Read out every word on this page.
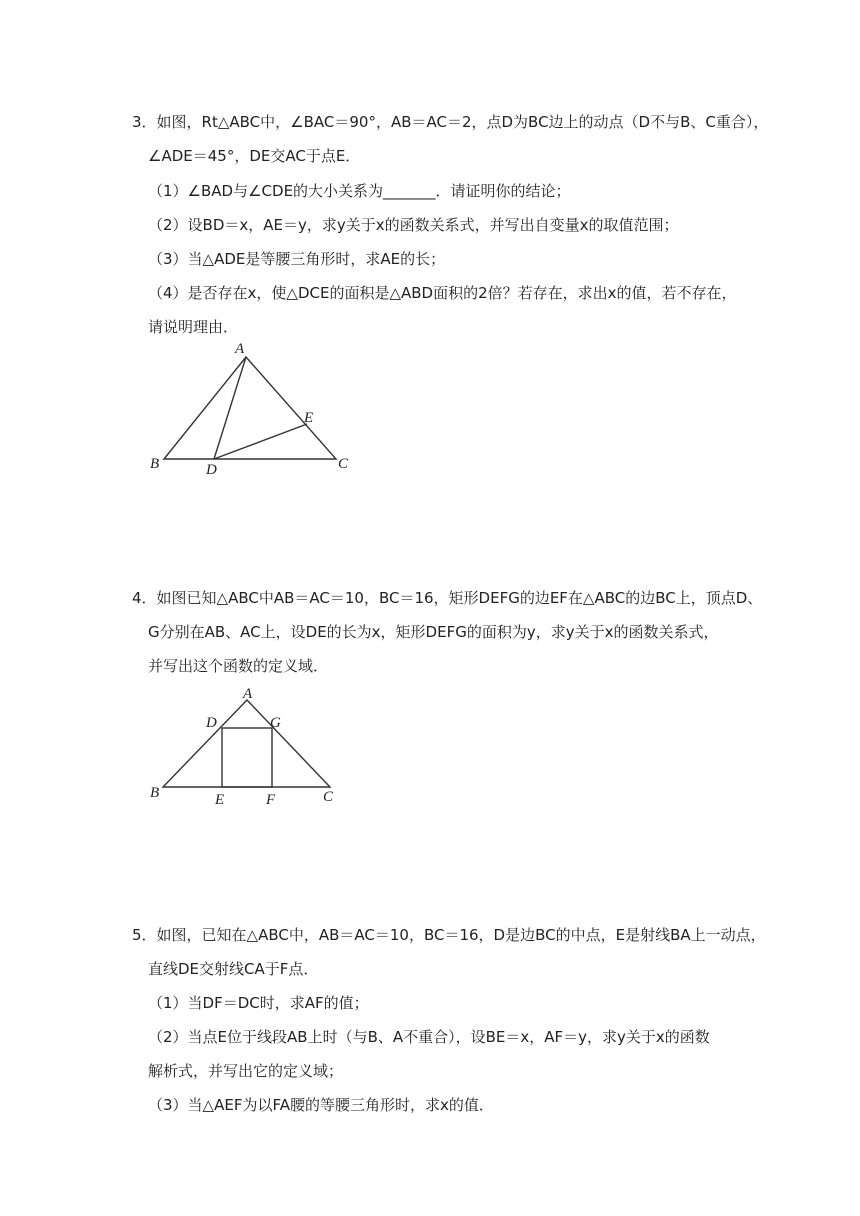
3．如图，Rt△ABC中，∠BAC＝90°，AB＝AC＝2，点D为BC边上的动点（D不与B、C重合），
∠ADE＝45°，DE交AC于点E．
（1）∠BAD与∠CDE的大小关系为_______．请证明你的结论；
（2）设BD＝x，AE＝y，求y关于x的函数关系式，并写出自变量x的取值范围；
（3）当△ADE是等腰三角形时，求AE的长；
（4）是否存在x，使△DCE的面积是△ABD面积的2倍？若存在，求出x的值，若不存在，
请说明理由．
A
B	C
D
E
4．如图已知△ABC中AB＝AC＝10，BC＝16，矩形DEFG的边EF在△ABC的边BC上，顶点D、
G分别在AB、AC上，设DE的长为x，矩形DEFG的面积为y，求y关于x的函数关系式，
并写出这个函数的定义域．
A
B	C
D
E	F
G
5．如图，已知在△ABC中，AB＝AC＝10，BC＝16，D是边BC的中点，E是射线BA上一动点，
直线DE交射线CA于F点．
（1）当DF＝DC时，求AF的值；
（2）当点E位于线段AB上时（与B、A不重合），设BE＝x，AF＝y，求y关于x的函数
解析式，并写出它的定义域；
（3）当△AEF为以FA腰的等腰三角形时，求x的值．
